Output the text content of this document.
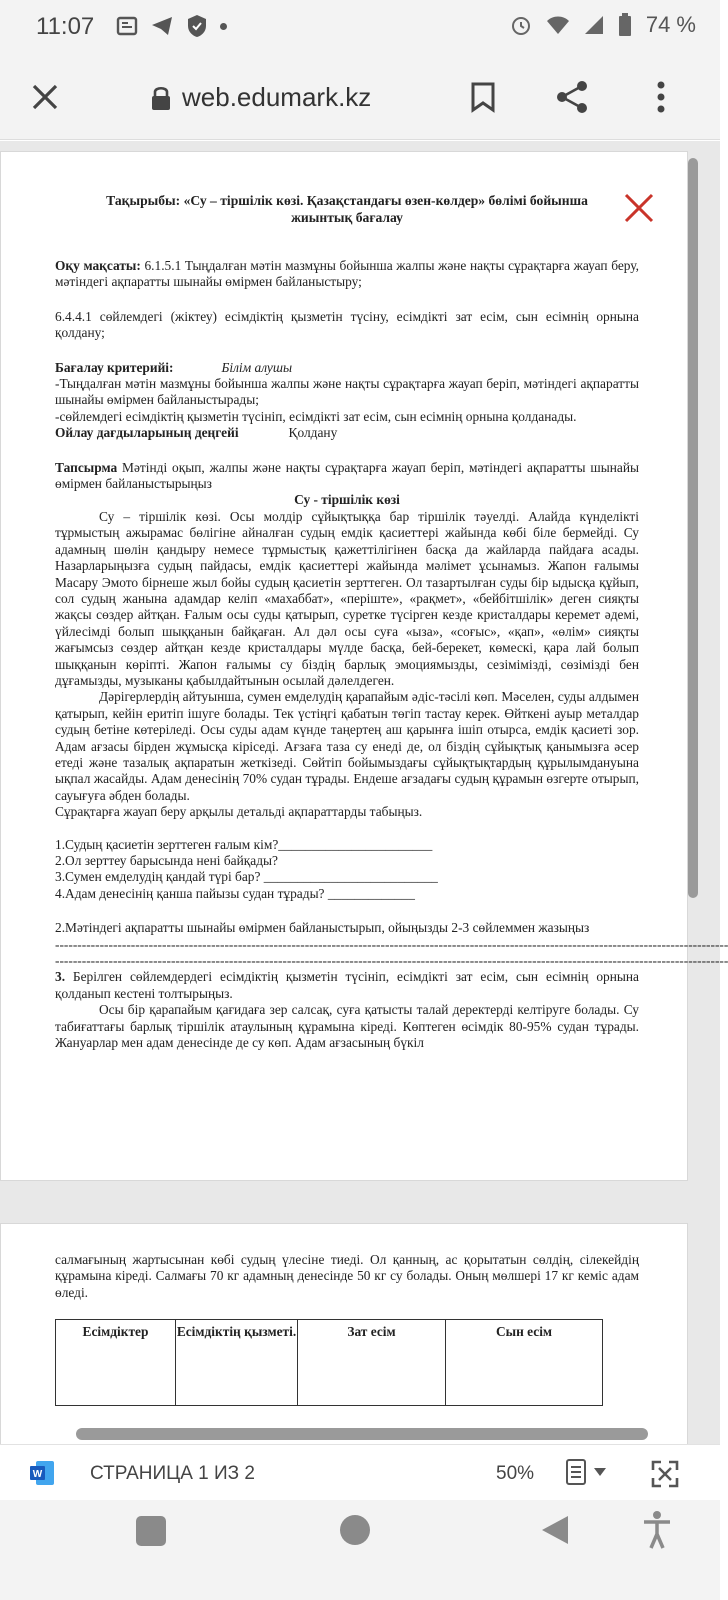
11:07	74 %
web.edumark.kz
Тақырыбы: «Су – тіршілік көзі. Қазақстандағы өзен-көлдер» бөлімі бойынша жиынтық бағалау
Оқу мақсаты: 6.1.5.1 Тыңдалған мәтін мазмұны бойынша жалпы және нақты сұрақтарға жауап беру, мәтіндегі ақпаратты шынайы өмірмен байланыстыру;
6.4.4.1 сөйлемдегі (жіктеу) есімдіктің қызметін түсіну, есімдікті зат есім, сын есімнің орнына қолдану;
Бағалау критерийі:	Білім алушы
-Тыңдалған мәтін мазмұны бойынша жалпы және нақты сұрақтарға жауап беріп, мәтіндегі ақпаратты шынайы өмірмен байланыстырады;
-сөйлемдегі есімдіктің қызметін түсініп, есімдікті зат есім, сын есімнің орнына қолданады.
Ойлау дағдыларының деңгейі	Қолдану
Тапсырма Мәтінді оқып, жалпы және нақты сұрақтарға жауап беріп, мәтіндегі ақпаратты шынайы өмірмен байланыстырыңыз
Су - тіршілік көзі
Су – тіршілік көзі. Осы молдір сұйықтыққа бар тіршілік тәуелді. Алайда күнделікті тұрмыстың ажырамас бөлігіне айналған судың емдік қасиеттері жайында көбі біле бермейді. Су адамның шөлін қандыру немесе тұрмыстық қажеттілігінен басқа да жайлардa пайдаға асады. Назарларыңызға судың пайдасы, емдік қасиеттері жайында мәлімет ұсынамыз. Жапон ғалымы Масару Эмото бірнеше жыл бойы судың қасиетін зерттеген. Ол тазартылған суды бір ыдысқа құйып, сол судың жанына адамдар келіп «махаббат», «періште», «рақмет», «бейбітшілік» деген сияқты жақсы сөздер айтқан. Ғалым осы суды қатырып, суретке түсірген кезде кристалдары керемет әдемі, үйлесімді болып шыққанын байқаған. Ал дәл осы суға «ызa», «соғыс», «қап», «өлім» сияқты жағымсыз сөздер айтқан кезде кристалдары мүлде басқа, бей-берекет, көмескі, қара лай болып шыққанын көріпті. Жапон ғалымы су біздің барлық эмоциямызды, сезімімізді, сөзімізді бен дұғамызды, музыканы қабылдайтынын осылай дәлелдеген.
Дәрігерлердің айтуынша, сумен емделудің қарапайым әдіс-тәсілі көп. Мәселен, суды алдымен қатырып, кейін еритіп ішуге болады. Тек үстіңгі қабатын төгіп тастау керек. Өйткені ауыр металдар судың бетіне көтеріледі. Осы суды адам күнде таңертең аш қарынға ішіп отырса, емдік қасиеті зор. Адам ағзасы бірден жұмысқа кіріседі. Ағзаға таза су енеді де, ол біздің сұйықтық қанымызға әсер етеді және тазалық ақпаратын жеткізеді. Сөйтіп бойымыздағы сұйықтықтардың құрылымдануына ықпал жасайды. Адам денесінің 70% судан тұрады. Ендеше ағзадағы судың құрамын өзгерте отырып, сауығуға әбден болады.
Сұрақтарға жауап беру арқылы детальді ақпараттарды табыңыз.
1.Судың қасиетін зерттеген ғалым кім?_______________________
2.Ол зерттеу барысында нені байқады?
3.Сумен емделудің қандай түрі бар? __________________________
4.Адам денесінің қанша пайызы судан тұрады? _____________
2.Мәтіндегі ақпаратты шынайы өмірмен байланыстырып, ойыңызды 2-3 сөйлеммен жазыңыз
-------------------------------------------------------------------------------------------------------------------------------------------------------
-------------------------------------------------------------------------------------------------------------------------------------------------------
3. Берілген сөйлемдердегі есімдіктің қызметін түсініп, есімдікті зат есім, сын есімнің орнына қолданып кестені толтырыңыз.
Осы бір қарапайым қағидаға зер салсақ, суға қатысты талай деректерді келтіруге болады. Су табиғаттағы барлық тіршілік атаулының құрамына кіреді. Көптеген өсімдік 80-95% судан тұрады. Жануарлар мен адам денесінде де су көп. Адам ағзасының бүкіл
салмағының жартысынан көбі судың үлесіне тиеді. Ол қанның, ас қорытатын сөлдің, сілекейдің құрамына кіреді. Салмағы 70 кг адамның денесінде 50 кг су болады. Оның мөлшері 17 кг кеміс адам өледі.
Есімдіктер	Есімдіктің қызметі.	Зат есім	Сын есім
W	СТРАНИЦА 1 ИЗ 2	50%
